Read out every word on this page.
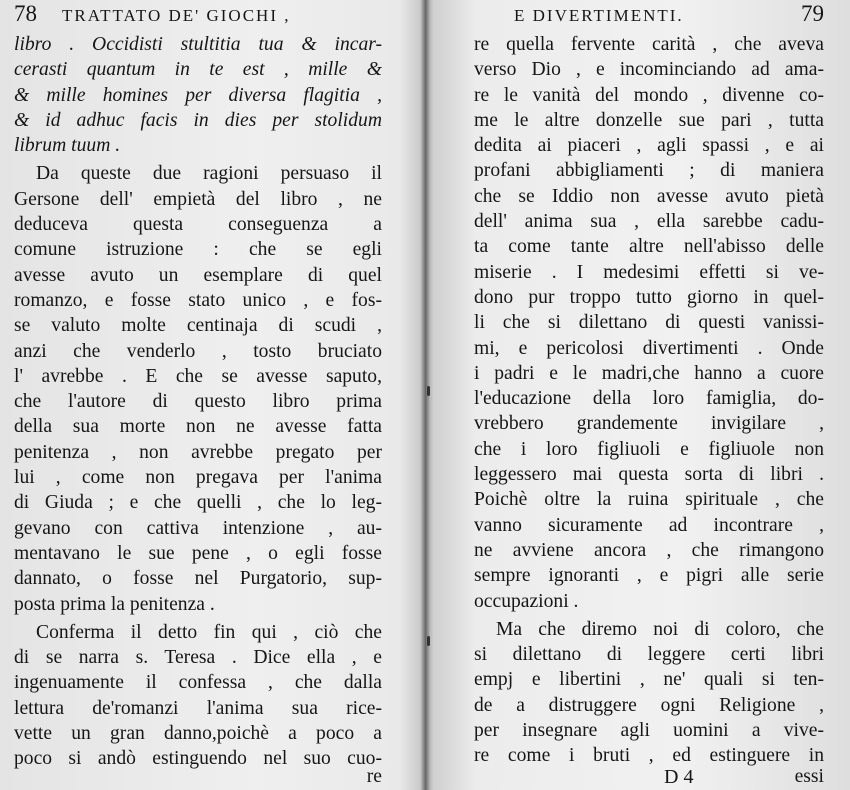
78 TRATTATO DE' GIOCHI ,
libro . Occidisti stultitia tua & incar-
cerasti quantum in te est , mille &
& mille homines per diversa flagitia ,
& id adhuc facis in dies per stolidum
librum tuum .
Da queste due ragioni persuaso il
Gersone dell' empietà del libro , ne
deduceva questa conseguenza a
comune istruzione : che se egli
avesse avuto un esemplare di quel
romanzo, e fosse stato unico , e fos-
se valuto molte centinaja di scudi ,
anzi che venderlo , tosto bruciato
l' avrebbe . E che se avesse saputo,
che l'autore di questo libro prima
della sua morte non ne avesse fatta
penitenza , non avrebbe pregato per
lui , come non pregava per l'anima
di Giuda ; e che quelli , che lo leg-
gevano con cattiva intenzione , au-
mentavano le sue pene , o egli fosse
dannato, o fosse nel Purgatorio, sup-
posta prima la penitenza .
Conferma il detto fin qui , ciò che
di se narra s. Teresa . Dice ella , e
ingenuamente il confessa , che dalla
lettura de'romanzi l'anima sua rice-
vette un gran danno,poichè a poco a
poco si andò estinguendo nel suo cuo-
re
E DIVERTIMENTI.	79
re quella fervente carità , che aveva
verso Dio , e incominciando ad ama-
re le vanità del mondo , divenne co-
me le altre donzelle sue pari , tutta
dedita ai piaceri , agli spassi , e ai
profani abbigliamenti ; di maniera
che se Iddio non avesse avuto pietà
dell' anima sua , ella sarebbe cadu-
ta come tante altre nell'abisso delle
miserie . I medesimi effetti si ve-
dono pur troppo tutto giorno in quel-
li che si dilettano di questi vanissi-
mi, e pericolosi divertimenti . Onde
i padri e le madri,che hanno a cuore
l'educazione della loro famiglia, do-
vrebbero grandemente invigilare ,
che i loro figliuoli e figliuole non
leggessero mai questa sorta di libri .
Poichè oltre la ruina spirituale , che
vanno sicuramente ad incontrare ,
ne avviene ancora , che rimangono
sempre ignoranti , e pigri alle serie
occupazioni .
Ma che diremo noi di coloro, che
si dilettano di leggere certi libri
empj e libertini , ne' quali si ten-
de a distruggere ogni Religione ,
per insegnare agli uomini a vive-
re come i bruti , ed estinguere in
D 4	essi
